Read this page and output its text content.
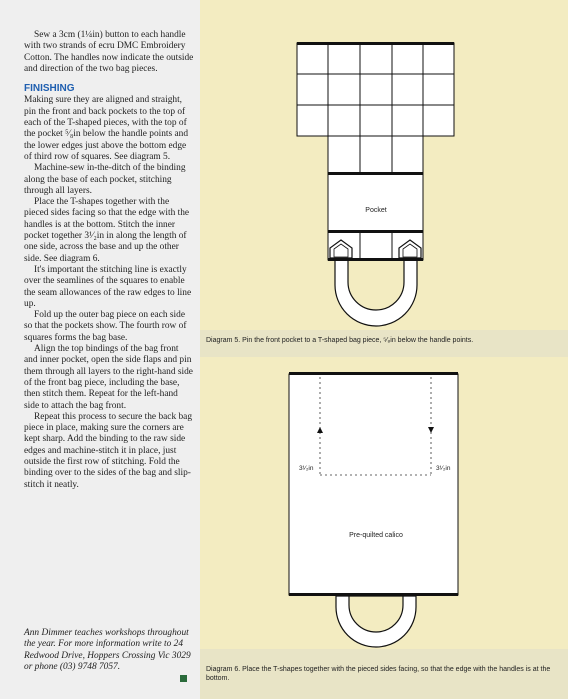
Sew a 3cm (1¼in) button to each handle with two strands of ecru DMC Embroidery Cotton. The handles now indicate the outside and direction of the two bag pieces.

FINISHING

Making sure they are aligned and straight, pin the front and back pockets to the top of each of the T-shaped pieces, with the top of the pocket ⁵⁄₈in below the handle points and the lower edges just above the bottom edge of third row of squares. See diagram 5.

Machine-sew in-the-ditch of the binding along the base of each pocket, stitching through all layers.

Place the T-shapes together with the pieced sides facing so that the edge with the handles is at the bottom. Stitch the inner pocket together 3¹⁄₂in in along the length of one side, across the base and up the other side. See diagram 6.

It's important the stitching line is exactly over the seamlines of the squares to enable the seam allowances of the raw edges to line up.

Fold up the outer bag piece on each side so that the pockets show. The fourth row of squares forms the bag base.

Align the top bindings of the bag front and inner pocket, open the side flaps and pin them through all layers to the right-hand side of the front bag piece, including the base, then stitch them. Repeat for the left-hand side to attach the bag front.

Repeat this process to secure the back bag piece in place, making sure the corners are kept sharp. Add the binding to the raw side edges and machine-stitch it in place, just outside the first row of stitching. Fold the binding over to the sides of the bag and slip-stitch it neatly.

Ann Dimmer teaches workshops throughout the year. For more information write to 24 Redwood Drive, Hoppers Crossing Vic 3029 or phone (03) 9748 7057.
Pocket
Diagram 5. Pin the front pocket to a T-shaped bag piece, ⁵⁄₈in below the handle points.
3¹⁄₂in	3¹⁄₂in
Pre-quilted calico
Diagram 6. Place the T-shapes together with the pieced sides facing, so that the edge with the handles is at the bottom.
